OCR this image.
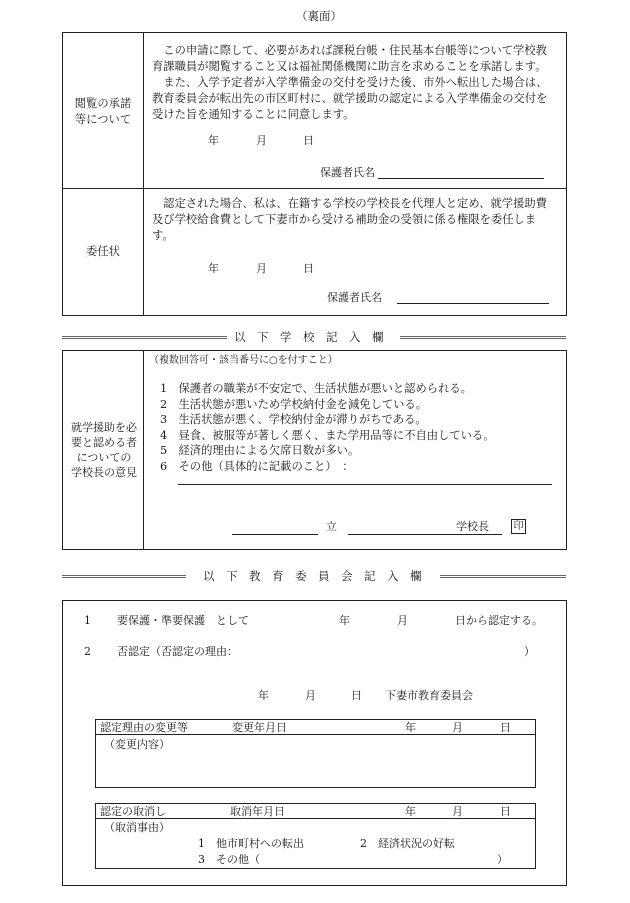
（裏面）
閲覧の承諾
等について
　この申請に際して、必要があれば課税台帳・住民基本台帳等について学校教
育課職員が閲覧すること又は福祉関係機関に助言を求めることを承諾します。
　また、入学予定者が入学準備金の交付を受けた後、市外へ転出した場合は、
教育委員会が転出先の市区町村に、就学援助の認定による入学準備金の交付を
受けた旨を通知することに同意します。
年	月	日
保護者氏名
委任状
　認定された場合、私は、在籍する学校の学校長を代理人と定め、就学援助費
及び学校給食費として下妻市から受ける補助金の受領に係る権限を委任しま
す。
年	月	日
保護者氏名
以　下　学　校　記　入　欄
（複数回答可・該当番号に○を付すこと）
就学援助を必
要と認める者
についての
学校長の意見
1　保護者の職業が不安定で、生活状態が悪いと認められる。
2　生活状態が悪いため学校納付金を減免している。
3　生活状態が悪く、学校納付金が滞りがちである。
4　昼食、被服等が著しく悪く、また学用品等に不自由している。
5　経済的理由による欠席日数が多い。
6　その他（具体的に記載のこと）　：
立	学校長 印
以　下　教　育　委　員　会　記　入　欄
1 要保護・準要保護　として	年	月	日から認定する。
2 否認定（否認定の理由：	）
年	月	日 下妻市教育委員会
認定理由の変更等	変更年月日	年	月	日
（変更内容）
認定の取消し	取消年月日	年	月	日
（取消事由）
1　他市町村への転出	2　経済状況の好転
3　その他（	）
